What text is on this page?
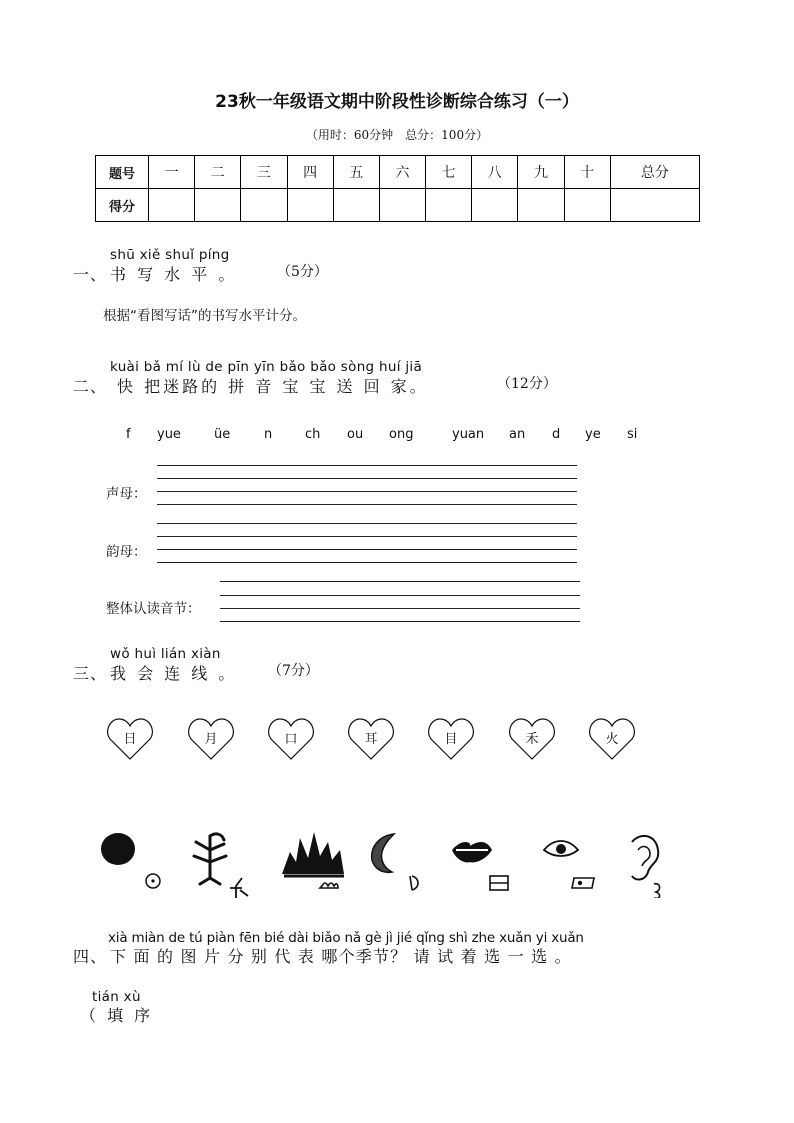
23秋一年级语文期中阶段性诊断综合练习（一）
（用时：60分钟　总分：100分）
题号	一	二	三	四	五	六	七	八	九	十	总分
得分											
shū xiě shuǐ píng
一、 书 写 水 平 。	（5分）
根据“看图写话”的书写水平计分。
kuài bǎ mí lù de pīn yīn bǎo bǎo sòng huí jiā
二、 快 把迷路的 拼 音 宝 宝 送 回 家。	（12分）
f yue	üe	n	ch ou ong	yuan an d ye si
声母：
韵母：
整体认读音节：
wǒ huì lián xiàn
三、 我 会 连 线 。 （7分）
日	月	口	耳	目	禾	火
xià miàn de tú piàn fēn bié dài biǎo nǎ gè jì jié qǐng shì zhe xuǎn yi xuǎn
四、 下 面 的 图 片 分 别 代 表 哪个季节？ 请 试 着 选 一 选 。
tián xù
（ 填 序
